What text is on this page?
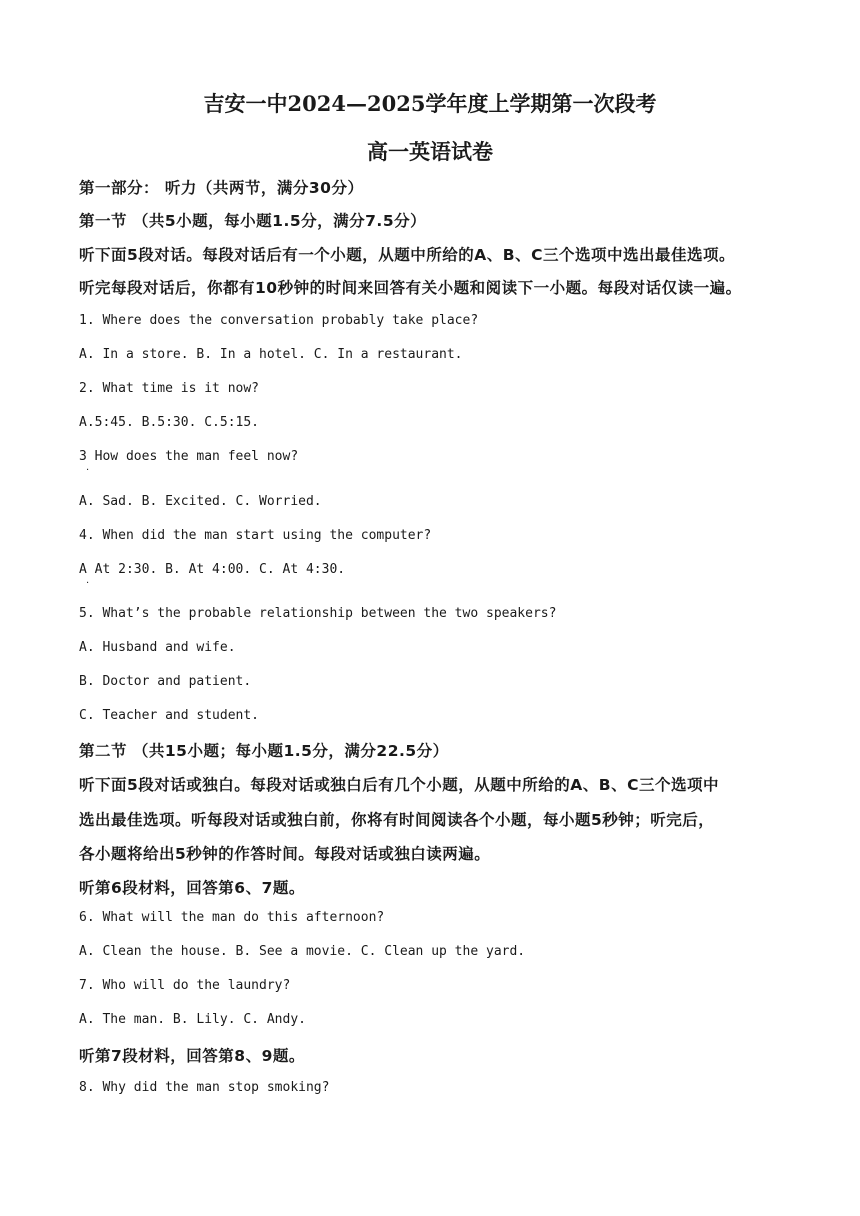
吉安一中2024—2025学年度上学期第一次段考
高一英语试卷
第一部分： 听力（共两节，满分30分）
第一节 （共5小题，每小题1.5分，满分7.5分）
听下面5段对话。每段对话后有一个小题，从题中所给的A、B、C三个选项中选出最佳选项。
听完每段对话后，你都有10秒钟的时间来回答有关小题和阅读下一小题。每段对话仅读一遍。
1. Where does the conversation probably take place?
A. In a store. B. In a hotel. C. In a restaurant.
2. What time is it now?
A.5:45. B.5:30. C.5:15.
3 How does the man feel now?
A. Sad. B. Excited. C. Worried.
4. When did the man start using the computer?
A At 2:30. B. At 4:00. C. At 4:30.
5. What’s the probable relationship between the two speakers?
A. Husband and wife.
B. Doctor and patient.
C. Teacher and student.
第二节 （共15小题；每小题1.5分，满分22.5分）
听下面5段对话或独白。每段对话或独白后有几个小题，从题中所给的A、B、C三个选项中
选出最佳选项。听每段对话或独白前，你将有时间阅读各个小题，每小题5秒钟；听完后，
各小题将给出5秒钟的作答时间。每段对话或独白读两遍。
听第6段材料，回答第6、7题。
6. What will the man do this afternoon?
A. Clean the house. B. See a movie. C. Clean up the yard.
7. Who will do the laundry?
A. The man. B. Lily. C. Andy.
听第7段材料，回答第8、9题。
8. Why did the man stop smoking?
·
·
